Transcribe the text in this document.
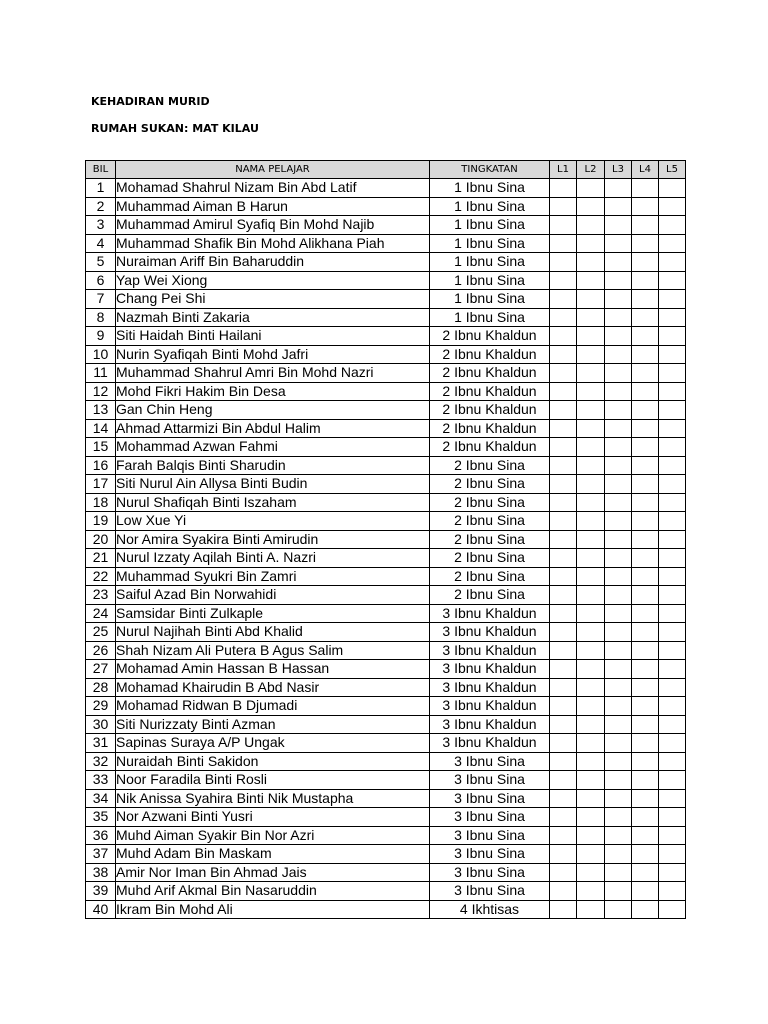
KEHADIRAN MURID
RUMAH SUKAN: MAT KILAU
BIL	NAMA PELAJAR	TINGKATAN	L1	L2	L3	L4	L5
1	Mohamad Shahrul Nizam Bin Abd Latif	1 Ibnu Sina					
2	Muhammad Aiman B Harun	1 Ibnu Sina					
3	Muhammad Amirul Syafiq Bin Mohd Najib	1 Ibnu Sina					
4	Muhammad Shafik Bin Mohd Alikhana Piah	1 Ibnu Sina					
5	Nuraiman Ariff Bin Baharuddin	1 Ibnu Sina					
6	Yap Wei Xiong	1 Ibnu Sina					
7	Chang Pei Shi	1 Ibnu Sina					
8	Nazmah Binti Zakaria	1 Ibnu Sina					
9	Siti Haidah Binti Hailani	2 Ibnu Khaldun					
10	Nurin Syafiqah Binti Mohd Jafri	2 Ibnu Khaldun					
11	Muhammad Shahrul Amri Bin Mohd Nazri	2 Ibnu Khaldun					
12	Mohd Fikri Hakim Bin Desa	2 Ibnu Khaldun					
13	Gan Chin Heng	2 Ibnu Khaldun					
14	Ahmad Attarmizi Bin Abdul Halim	2 Ibnu Khaldun					
15	Mohammad Azwan Fahmi	2 Ibnu Khaldun					
16	Farah Balqis Binti Sharudin	2 Ibnu Sina					
17	Siti Nurul Ain Allysa Binti Budin	2 Ibnu Sina					
18	Nurul Shafiqah Binti Iszaham	2 Ibnu Sina					
19	Low Xue Yi	2 Ibnu Sina					
20	Nor Amira Syakira Binti Amirudin	2 Ibnu Sina					
21	Nurul Izzaty Aqilah Binti A. Nazri	2 Ibnu Sina					
22	Muhammad Syukri Bin Zamri	2 Ibnu Sina					
23	Saiful Azad Bin Norwahidi	2 Ibnu Sina					
24	Samsidar Binti Zulkaple	3 Ibnu Khaldun					
25	Nurul Najihah Binti Abd Khalid	3 Ibnu Khaldun					
26	Shah Nizam Ali Putera B Agus Salim	3 Ibnu Khaldun					
27	Mohamad Amin Hassan B Hassan	3 Ibnu Khaldun					
28	Mohamad Khairudin B Abd Nasir	3 Ibnu Khaldun					
29	Mohamad Ridwan B Djumadi	3 Ibnu Khaldun					
30	Siti Nurizzaty Binti Azman	3 Ibnu Khaldun					
31	Sapinas Suraya A/P Ungak	3 Ibnu Khaldun					
32	Nuraidah Binti Sakidon	3 Ibnu Sina					
33	Noor Faradila Binti Rosli	3 Ibnu Sina					
34	Nik Anissa Syahira Binti Nik Mustapha	3 Ibnu Sina					
35	Nor Azwani Binti Yusri	3 Ibnu Sina					
36	Muhd Aiman Syakir Bin Nor Azri	3 Ibnu Sina					
37	Muhd Adam Bin Maskam	3 Ibnu Sina					
38	Amir Nor Iman Bin Ahmad Jais	3 Ibnu Sina					
39	Muhd Arif Akmal Bin Nasaruddin	3 Ibnu Sina					
40	Ikram Bin Mohd Ali	4 Ikhtisas					
